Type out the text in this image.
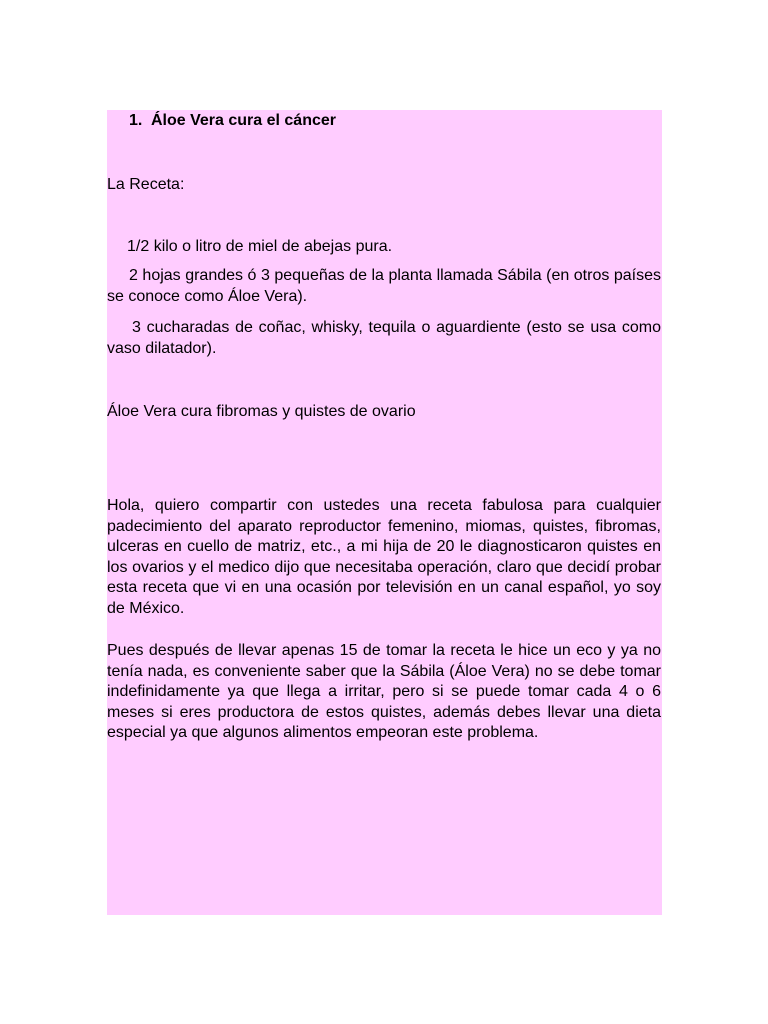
1. Áloe Vera cura el cáncer

La Receta:

1/2 kilo o litro de miel de abejas pura.

2 hojas grandes ó 3 pequeñas de la planta llamada Sábila (en otros países se conoce como Áloe Vera).

3 cucharadas de coñac, whisky, tequila o aguardiente (esto se usa como vaso dilatador).

Áloe Vera cura fibromas y quistes de ovario

Hola, quiero compartir con ustedes una receta fabulosa para cualquier padecimiento del aparato reproductor femenino, miomas, quistes, fibromas, ulceras en cuello de matriz, etc., a mi hija de 20 le diagnosticaron quistes en los ovarios y el medico dijo que necesitaba operación, claro que decidí probar esta receta que vi en una ocasión por televisión en un canal español, yo soy de México.

Pues después de llevar apenas 15 de tomar la receta le hice un eco y ya no tenía nada, es conveniente saber que la Sábila (Áloe Vera) no se debe tomar indefinidamente ya que llega a irritar, pero si se puede tomar cada 4 o 6 meses si eres productora de estos quistes, además debes llevar una dieta especial ya que algunos alimentos empeoran este problema.
